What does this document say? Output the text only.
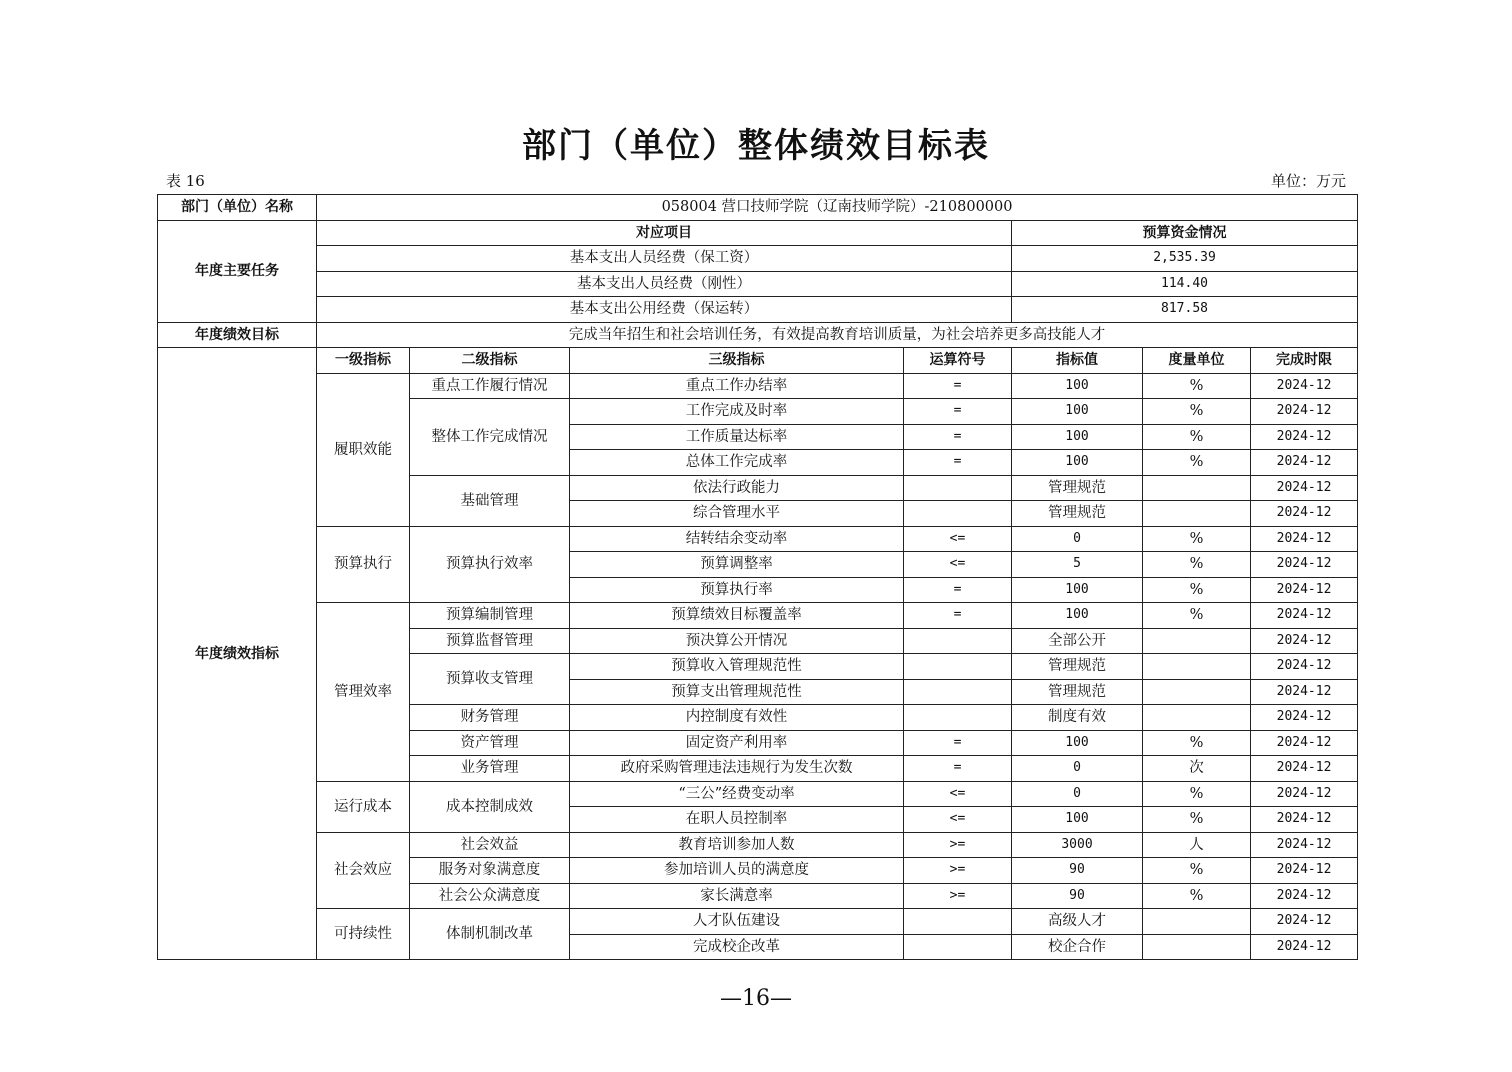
部门（单位）整体绩效目标表
表 16	单位：万元
部门（单位）名称	058004 营口技师学院（辽南技师学院）-210800000						
年度主要任务	对应项目				预算资金情况		
	基本支出人员经费（保工资）				2,535.39		
	基本支出人员经费（刚性）				114.40		
	基本支出公用经费（保运转）				817.58		
年度绩效目标	完成当年招生和社会培训任务，有效提高教育培训质量，为社会培养更多高技能人才						
年度绩效指标	一级指标	二级指标	三级指标	运算符号	指标值	度量单位	完成时限
	履职效能	重点工作履行情况	重点工作办结率	=	100	%	2024-12
		整体工作完成情况	工作完成及时率	=	100	%	2024-12
			工作质量达标率	=	100	%	2024-12
			总体工作完成率	=	100	%	2024-12
		基础管理	依法行政能力		管理规范		2024-12
			综合管理水平		管理规范		2024-12
	预算执行	预算执行效率	结转结余变动率	<=	0	%	2024-12
			预算调整率	<=	5	%	2024-12
			预算执行率	=	100	%	2024-12
	管理效率	预算编制管理	预算绩效目标覆盖率	=	100	%	2024-12
		预算监督管理	预决算公开情况		全部公开		2024-12
		预算收支管理	预算收入管理规范性		管理规范		2024-12
			预算支出管理规范性		管理规范		2024-12
		财务管理	内控制度有效性		制度有效		2024-12
		资产管理	固定资产利用率	=	100	%	2024-12
		业务管理	政府采购管理违法违规行为发生次数	=	0	次	2024-12
	运行成本	成本控制成效	“三公”经费变动率	<=	0	%	2024-12
			在职人员控制率	<=	100	%	2024-12
	社会效应	社会效益	教育培训参加人数	>=	3000	人	2024-12
		服务对象满意度	参加培训人员的满意度	>=	90	%	2024-12
		社会公众满意度	家长满意率	>=	90	%	2024-12
	可持续性	体制机制改革	人才队伍建设		高级人才		2024-12
			完成校企改革		校企合作		2024-12
—16—
